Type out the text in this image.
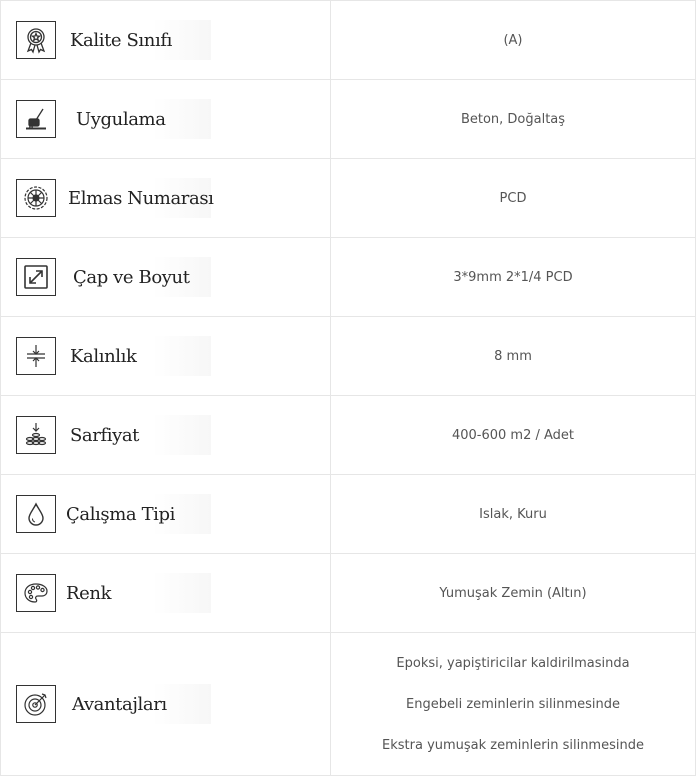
Kalite Sınıfı	(A)

Uygulama	Beton, Doğaltaş

Elmas Numarası	PCD

Çap ve Boyut	3*9mm 2*1/4 PCD

Kalınlık	8 mm

Sarfiyat	400-600 m2 / Adet

Çalışma Tipi	Islak, Kuru

Renk	Yumuşak Zemin (Altın)

Avantajları	Epoksi, yapiştiricilar kaldirilmasinda
Engebeli zeminlerin silinmesinde
Ekstra yumuşak zeminlerin silinmesinde
